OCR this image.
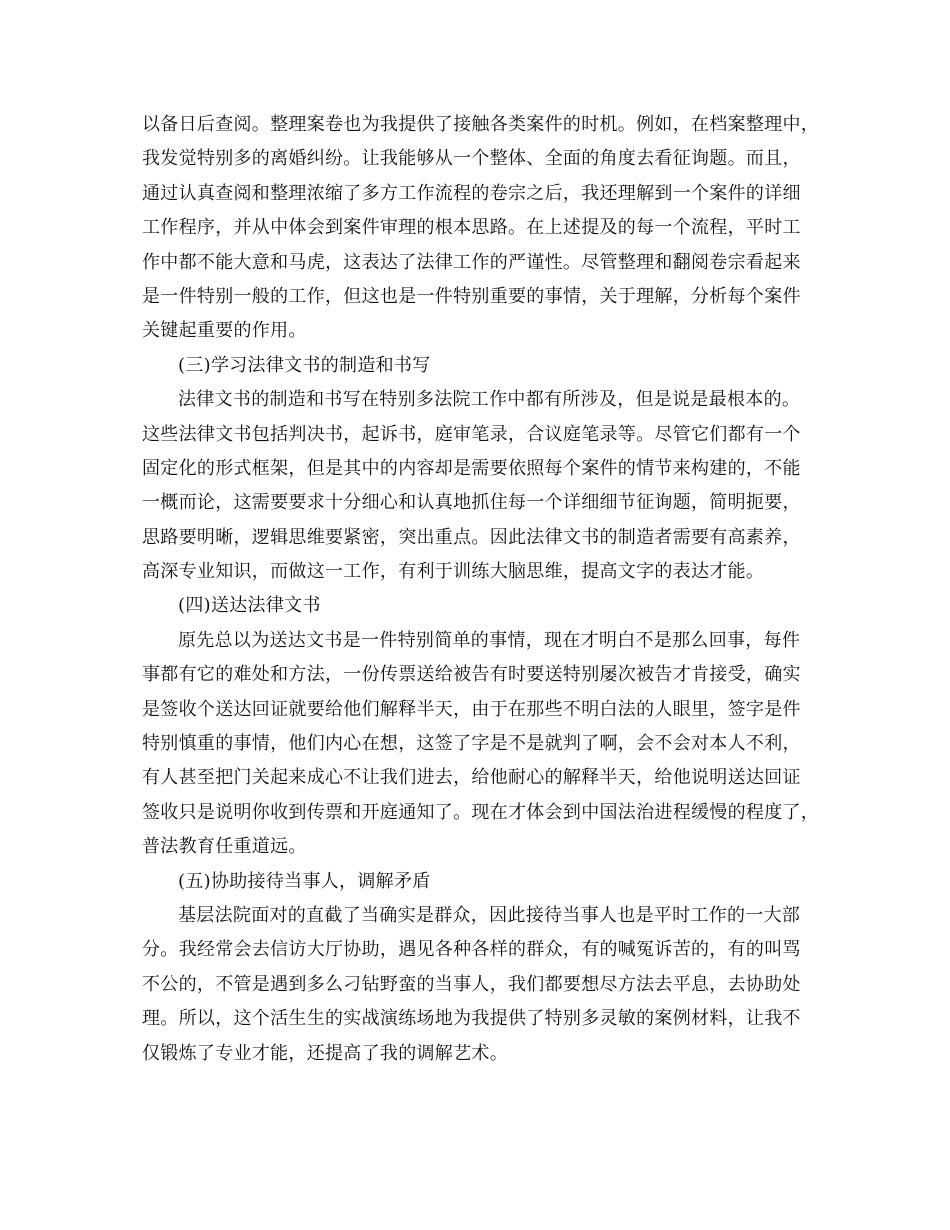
以备日后查阅。整理案卷也为我提供了接触各类案件的时机。例如，在档案整理中，
我发觉特别多的离婚纠纷。让我能够从一个整体、全面的角度去看征询题。而且，
通过认真查阅和整理浓缩了多方工作流程的卷宗之后，我还理解到一个案件的详细
工作程序，并从中体会到案件审理的根本思路。在上述提及的每一个流程，平时工
作中都不能大意和马虎，这表达了法律工作的严谨性。尽管整理和翻阅卷宗看起来
是一件特别一般的工作，但这也是一件特别重要的事情，关于理解，分析每个案件
关键起重要的作用。
(三)学习法律文书的制造和书写
法律文书的制造和书写在特别多法院工作中都有所涉及，但是说是最根本的。
这些法律文书包括判决书，起诉书，庭审笔录，合议庭笔录等。尽管它们都有一个
固定化的形式框架，但是其中的内容却是需要依照每个案件的情节来构建的，不能
一概而论，这需要要求十分细心和认真地抓住每一个详细细节征询题，简明扼要，
思路要明晰，逻辑思维要紧密，突出重点。因此法律文书的制造者需要有高素养，
高深专业知识，而做这一工作，有利于训练大脑思维，提高文字的表达才能。
(四)送达法律文书
原先总以为送达文书是一件特别简单的事情，现在才明白不是那么回事，每件
事都有它的难处和方法，一份传票送给被告有时要送特别屡次被告才肯接受，确实
是签收个送达回证就要给他们解释半天，由于在那些不明白法的人眼里，签字是件
特别慎重的事情，他们内心在想，这签了字是不是就判了啊，会不会对本人不利，
有人甚至把门关起来成心不让我们进去，给他耐心的解释半天，给他说明送达回证
签收只是说明你收到传票和开庭通知了。现在才体会到中国法治进程缓慢的程度了，
普法教育任重道远。
(五)协助接待当事人，调解矛盾
基层法院面对的直截了当确实是群众，因此接待当事人也是平时工作的一大部
分。我经常会去信访大厅协助，遇见各种各样的群众，有的喊冤诉苦的，有的叫骂
不公的，不管是遇到多么刁钻野蛮的当事人，我们都要想尽方法去平息，去协助处
理。所以，这个活生生的实战演练场地为我提供了特别多灵敏的案例材料，让我不
仅锻炼了专业才能，还提高了我的调解艺术。
